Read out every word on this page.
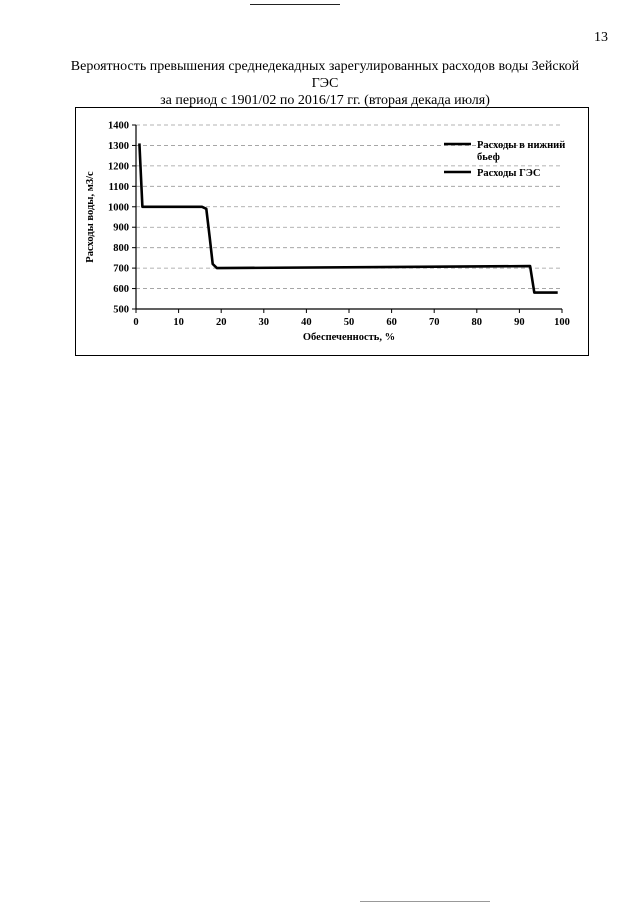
13
Вероятность превышения среднедекадных зарегулированных расходов воды Зейской ГЭС
за период с 1901/02 по 2016/17 гг. (вторая декада июля)
500
600
700
800
900
1000
1100
1200
1300
1400
0	10	20	30	40	50	60	70	80	90	100
Обеспеченность, %
Расходы воды, м3/с
Расходы в нижний
бьеф
Расходы ГЭС
